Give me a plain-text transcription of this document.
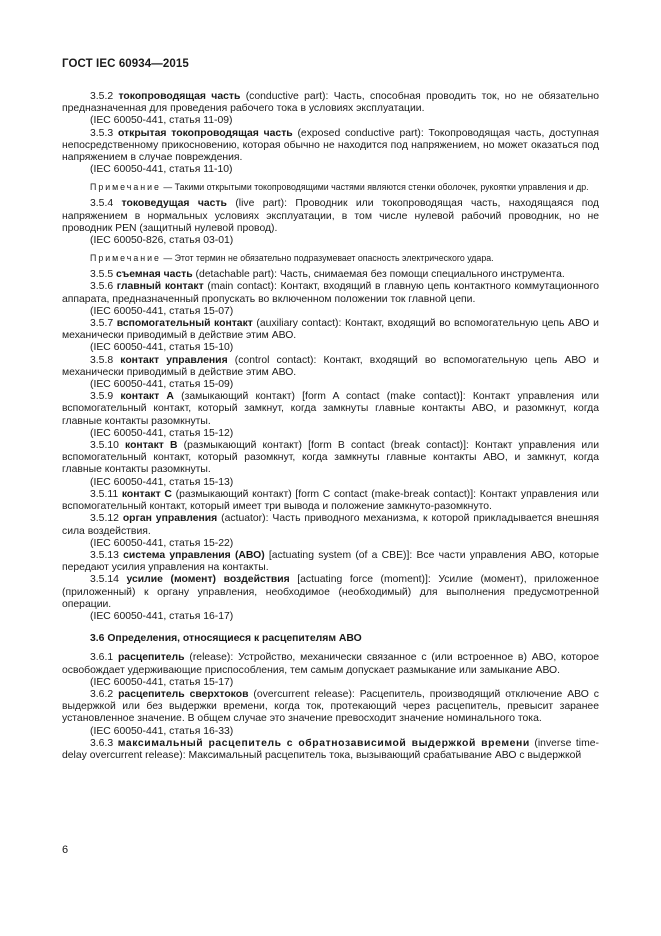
ГОСТ IEC 60934—2015

3.5.2 токопроводящая часть (conductive part): Часть, способная проводить ток, но не обязательно предназначенная для проведения рабочего тока в условиях эксплуатации.

(IEC 60050-441, статья 11-09)

3.5.3 открытая токопроводящая часть (exposed conductive part): Токопроводящая часть, доступная непосредственному прикосновению, которая обычно не находится под напряжением, но может оказаться под напряжением в случае повреждения.

(IEC 60050-441, статья 11-10)

Примечание — Такими открытыми токопроводящими частями являются стенки оболочек, рукоятки управления и др.

3.5.4 токоведущая часть (live part): Проводник или токопроводящая часть, находящаяся под напряжением в нормальных условиях эксплуатации, в том числе нулевой рабочий проводник, но не проводник PEN (защитный нулевой провод).

(IEC 60050-826, статья 03-01)

Примечание — Этот термин не обязательно подразумевает опасность электрического удара.

3.5.5 съемная часть (detachable part): Часть, снимаемая без помощи специального инструмента.

3.5.6 главный контакт (main contact): Контакт, входящий в главную цепь контактного коммутационного аппарата, предназначенный пропускать во включенном положении ток главной цепи.

(IEC 60050-441, статья 15-07)

3.5.7 вспомогательный контакт (auxiliary contact): Контакт, входящий во вспомогательную цепь АВО и механически приводимый в действие этим АВО.

(IEC 60050-441, статья 15-10)

3.5.8 контакт управления (control contact): Контакт, входящий во вспомогательную цепь АВО и механически приводимый в действие этим АВО.

(IEC 60050-441, статья 15-09)

3.5.9 контакт А (замыкающий контакт) [form A contact (make contact)]: Контакт управления или вспомогательный контакт, который замкнут, когда замкнуты главные контакты АВО, и разомкнут, когда главные контакты разомкнуты.

(IEC 60050-441, статья 15-12)

3.5.10 контакт В (размыкающий контакт) [form B contact (break contact)]: Контакт управления или вспомогательный контакт, который разомкнут, когда замкнуты главные контакты АВО, и замкнут, когда главные контакты разомкнуты.

(IEC 60050-441, статья 15-13)

3.5.11 контакт С (размыкающий контакт) [form C contact (make-break contact)]: Контакт управления или вспомогательный контакт, который имеет три вывода и положение замкнуто-разомкнуто.

3.5.12 орган управления (actuator): Часть приводного механизма, к которой прикладывается внешняя сила воздействия.

(IEC 60050-441, статья 15-22)

3.5.13 система управления (АВО) [actuating system (of a CBE)]: Все части управления АВО, которые передают усилия управления на контакты.

3.5.14 усилие (момент) воздействия [actuating force (moment)]: Усилие (момент), приложенное (приложенный) к органу управления, необходимое (необходимый) для выполнения предусмотренной операции.

(IEC 60050-441, статья 16-17)

3.6 Определения, относящиеся к расцепителям АВО

3.6.1 расцепитель (release): Устройство, механически связанное с (или встроенное в) АВО, которое освобождает удерживающие приспособления, тем самым допускает размыкание или замыкание АВО.

(IEC 60050-441, статья 15-17)

3.6.2 расцепитель сверхтоков (overcurrent release): Расцепитель, производящий отключение АВО с выдержкой или без выдержки времени, когда ток, протекающий через расцепитель, превысит заранее установленное значение. В общем случае это значение превосходит значение номинального тока.

(IEC 60050-441, статья 16-33)

3.6.3 максимальный расцепитель с обратнозависимой выдержкой времени (inverse time-delay overcurrent release): Максимальный расцепитель тока, вызывающий срабатывание АВО с выдержкой

6
